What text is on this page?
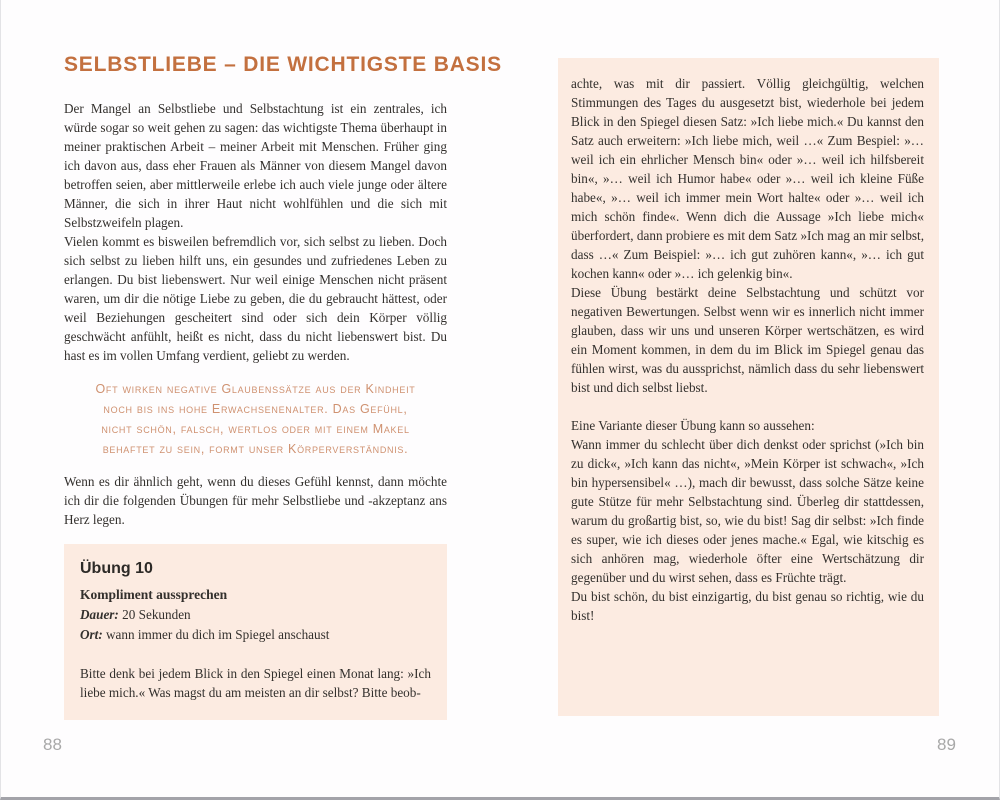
SELBSTLIEBE – DIE WICHTIGSTE BASIS

Der Mangel an Selbstliebe und Selbstachtung ist ein zentrales, ich würde sogar so weit gehen zu sagen: das wichtigste Thema überhaupt in meiner praktischen Arbeit – meiner Arbeit mit Menschen. Früher ging ich davon aus, dass eher Frauen als Männer von diesem Mangel davon betroffen seien, aber mittlerweile erlebe ich auch viele junge oder ältere Männer, die sich in ihrer Haut nicht wohlfühlen und die sich mit Selbstzweifeln plagen.

Vielen kommt es bisweilen befremdlich vor, sich selbst zu lieben. Doch sich selbst zu lieben hilft uns, ein gesundes und zufriedenes Leben zu erlangen. Du bist liebenswert. Nur weil einige Menschen nicht präsent waren, um dir die nötige Liebe zu geben, die du gebraucht hättest, oder weil Beziehungen gescheitert sind oder sich dein Körper völlig geschwächt anfühlt, heißt es nicht, dass du nicht liebenswert bist. Du hast es im vollen Umfang verdient, geliebt zu werden.

Oft wirken negative Glaubenssätze aus der Kindheit noch bis ins hohe Erwachsenenalter. Das Gefühl, nicht schön, falsch, wertlos oder mit einem Makel behaftet zu sein, formt unser Körperverständnis.

Wenn es dir ähnlich geht, wenn du dieses Gefühl kennst, dann möchte ich dir die folgenden Übungen für mehr Selbstliebe und -akzeptanz ans Herz legen.

Übung 10
Kompliment aussprechen
Dauer: 20 Sekunden
Ort: wann immer du dich im Spiegel anschaust

Bitte denk bei jedem Blick in den Spiegel einen Monat lang: »Ich liebe mich.« Was magst du am meisten an dir selbst? Bitte beob-

achte, was mit dir passiert. Völlig gleichgültig, welchen Stimmungen des Tages du ausgesetzt bist, wiederhole bei jedem Blick in den Spiegel diesen Satz: »Ich liebe mich.« Du kannst den Satz auch erweitern: »Ich liebe mich, weil …« Zum Bespiel: »… weil ich ein ehrlicher Mensch bin« oder »… weil ich hilfsbereit bin«, »… weil ich Humor habe« oder »… weil ich kleine Füße habe«, »… weil ich immer mein Wort halte« oder »… weil ich mich schön finde«. Wenn dich die Aussage »Ich liebe mich« überfordert, dann probiere es mit dem Satz »Ich mag an mir selbst, dass …« Zum Beispiel: »… ich gut zuhören kann«, »… ich gut kochen kann« oder »… ich gelenkig bin«.

Diese Übung bestärkt deine Selbstachtung und schützt vor negativen Bewertungen. Selbst wenn wir es innerlich nicht immer glauben, dass wir uns und unseren Körper wertschätzen, es wird ein Moment kommen, in dem du im Blick im Spiegel genau das fühlen wirst, was du aussprichst, nämlich dass du sehr liebenswert bist und dich selbst liebst.

Eine Variante dieser Übung kann so aussehen:

Wann immer du schlecht über dich denkst oder sprichst (»Ich bin zu dick«, »Ich kann das nicht«, »Mein Körper ist schwach«, »Ich bin hypersensibel« …), mach dir bewusst, dass solche Sätze keine gute Stütze für mehr Selbstachtung sind. Überleg dir stattdessen, warum du großartig bist, so, wie du bist! Sag dir selbst: »Ich finde es super, wie ich dieses oder jenes mache.« Egal, wie kitschig es sich anhören mag, wiederhole öfter eine Wertschätzung dir gegenüber und du wirst sehen, dass es Früchte trägt.

Du bist schön, du bist einzigartig, du bist genau so richtig, wie du bist!

88	89
